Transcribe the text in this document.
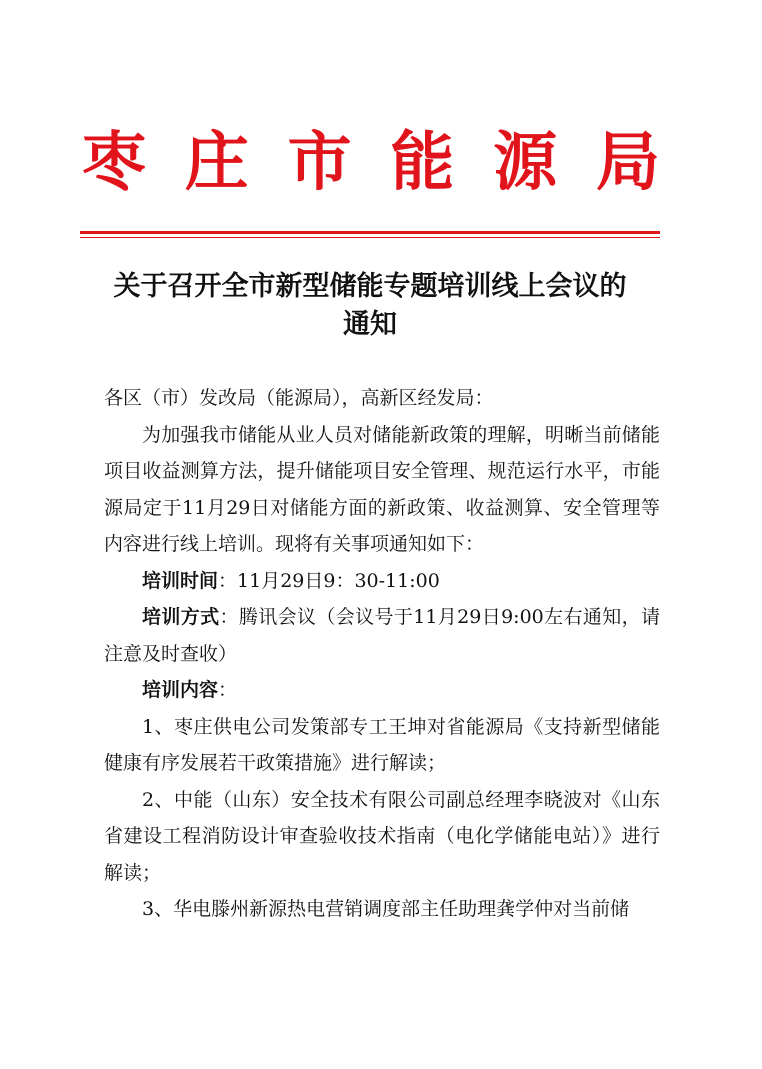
枣 庄 市 能 源 局
关于召开全市新型储能专题培训线上会议的
通知

各区（市）发改局（能源局），高新区经发局：

为加强我市储能从业人员对储能新政策的理解，明晰当前储能项目收益测算方法，提升储能项目安全管理、规范运行水平，市能源局定于11月29日对储能方面的新政策、收益测算、安全管理等内容进行线上培训。现将有关事项通知如下：

培训时间：11月29日9：30-11:00

培训方式：腾讯会议（会议号于11月29日9:00左右通知，请注意及时查收）

培训内容：

1、枣庄供电公司发策部专工王坤对省能源局《支持新型储能健康有序发展若干政策措施》进行解读；

2、中能（山东）安全技术有限公司副总经理李晓波对《山东省建设工程消防设计审查验收技术指南（电化学储能电站）》进行解读；

3、华电滕州新源热电营销调度部主任助理龚学仲对当前储
